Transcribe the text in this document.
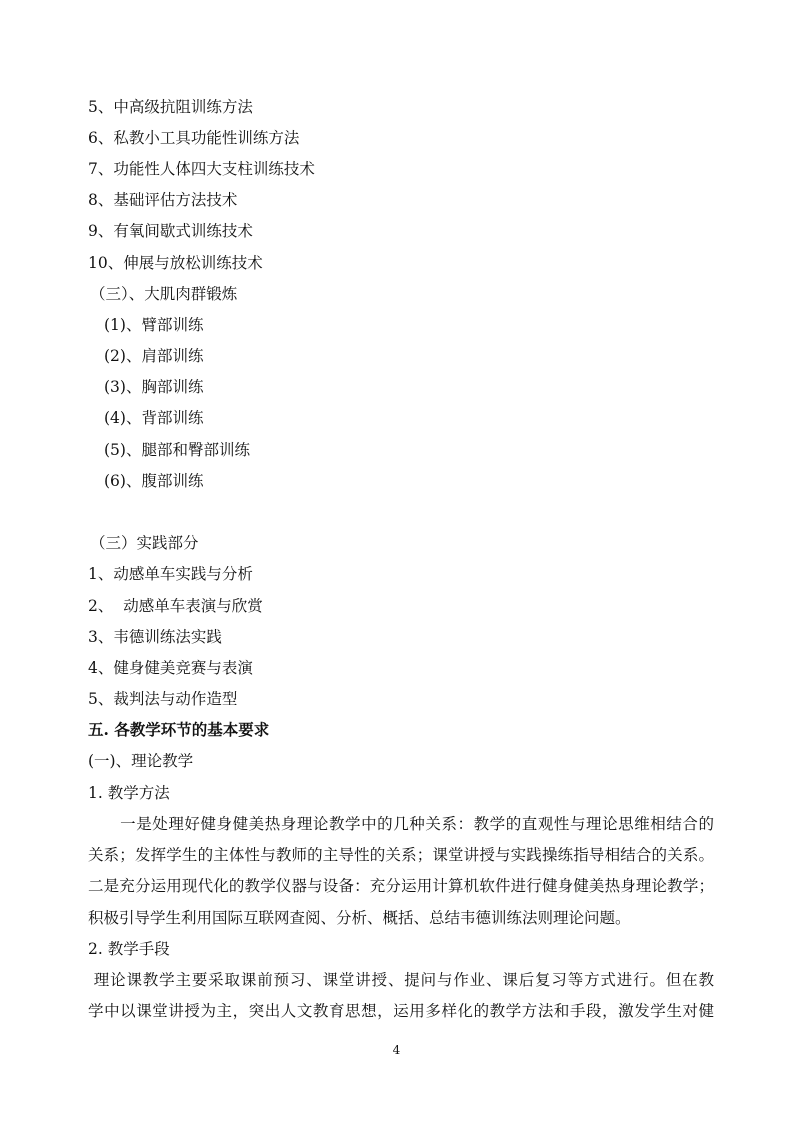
5、中高级抗阻训练方法
6、私教小工具功能性训练方法
7、功能性人体四大支柱训练技术
8、基础评估方法技术
9、有氧间歇式训练技术
10、伸展与放松训练技术
（三）、大肌肉群锻炼
(1)、臂部训练
(2)、肩部训练
(3)、胸部训练
(4)、背部训练
(5)、腿部和臀部训练
(6)、腹部训练
（三）实践部分
1、动感单车实践与分析
2、  动感单车表演与欣赏
3、韦德训练法实践
4、健身健美竞赛与表演
5、裁判法与动作造型
五. 各教学环节的基本要求
(一)、理论教学
1. 教学方法

　　一是处理好健身健美热身理论教学中的几种关系：教学的直观性与理论思维相结合的

关系；发挥学生的主体性与教师的主导性的关系；课堂讲授与实践操练指导相结合的关系。

二是充分运用现代化的教学仪器与设备：充分运用计算机软件进行健身健美热身理论教学；

积极引导学生利用国际互联网查阅、分析、概括、总结韦德训练法则理论问题。

2. 教学手段

理论课教学主要采取课前预习、课堂讲授、提问与作业、课后复习等方式进行。但在教

学中以课堂讲授为主，突出人文教育思想，运用多样化的教学方法和手段，激发学生对健

4
